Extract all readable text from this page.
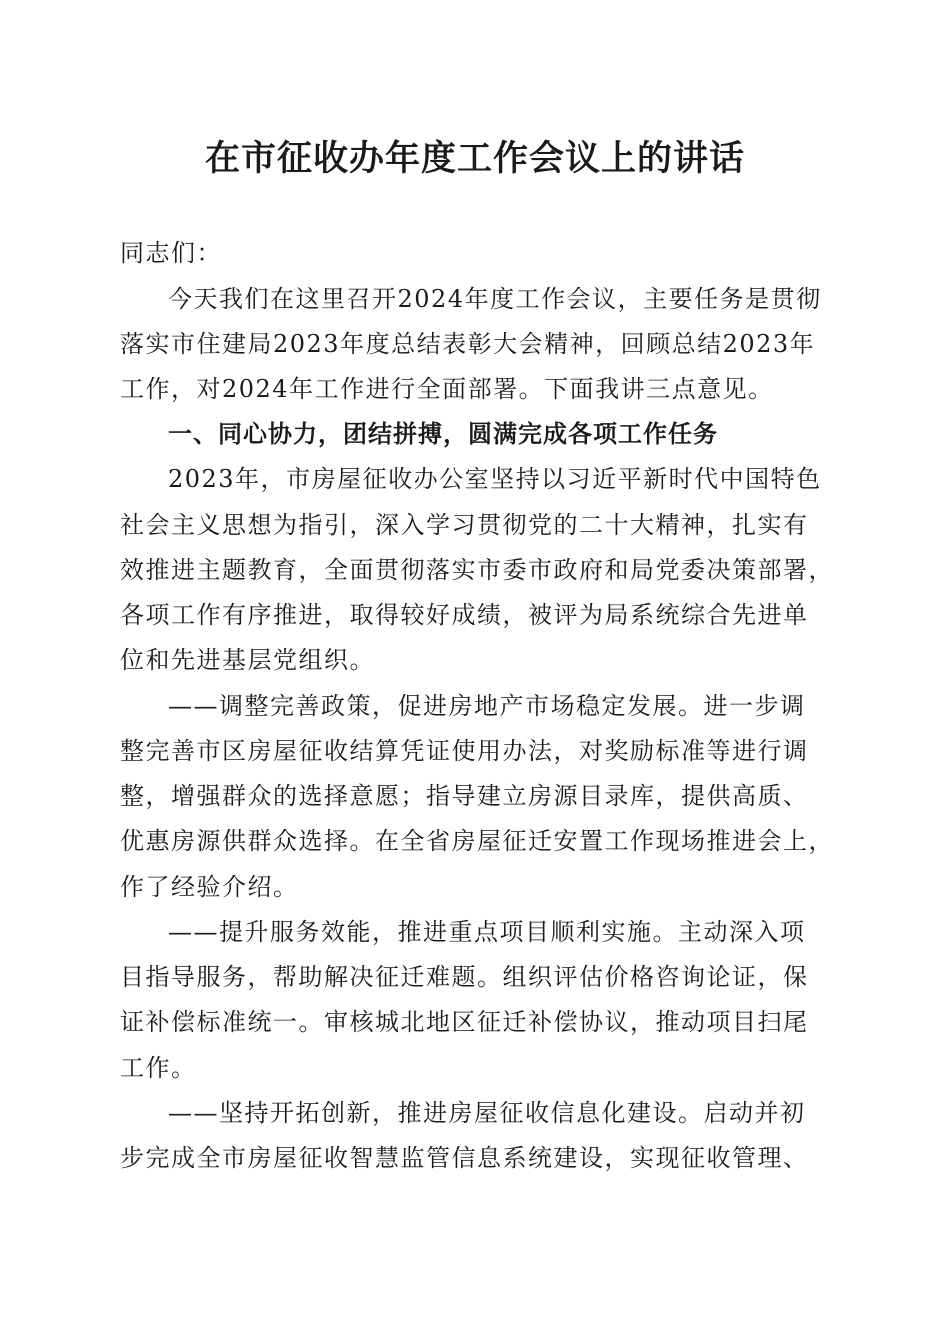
在市征收办年度工作会议上的讲话
同志们：
今天我们在这里召开2024年度工作会议，主要任务是贯彻
落实市住建局2023年度总结表彰大会精神，回顾总结2023年
工作，对2024年工作进行全面部署。下面我讲三点意见。
一、同心协力，团结拼搏，圆满完成各项工作任务
2023年，市房屋征收办公室坚持以习近平新时代中国特色
社会主义思想为指引，深入学习贯彻党的二十大精神，扎实有
效推进主题教育，全面贯彻落实市委市政府和局党委决策部署，
各项工作有序推进，取得较好成绩，被评为局系统综合先进单
位和先进基层党组织。
——调整完善政策，促进房地产市场稳定发展。进一步调
整完善市区房屋征收结算凭证使用办法，对奖励标准等进行调
整，增强群众的选择意愿；指导建立房源目录库，提供高质、
优惠房源供群众选择。在全省房屋征迁安置工作现场推进会上，
作了经验介绍。
——提升服务效能，推进重点项目顺利实施。主动深入项
目指导服务，帮助解决征迁难题。组织评估价格咨询论证，保
证补偿标准统一。审核城北地区征迁补偿协议，推动项目扫尾
工作。
——坚持开拓创新，推进房屋征收信息化建设。启动并初
步完成全市房屋征收智慧监管信息系统建设，实现征收管理、
